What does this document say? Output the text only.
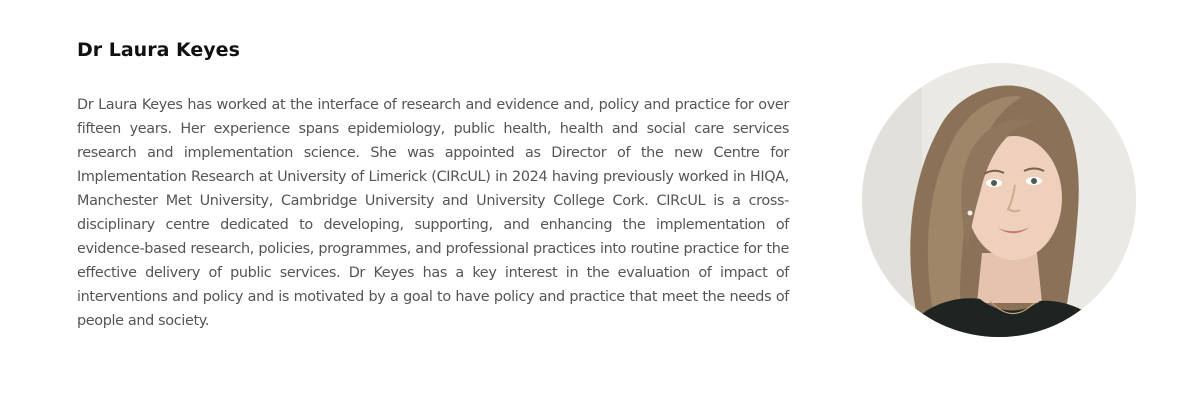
Dr Laura Keyes

Dr Laura Keyes has worked at the interface of research and evidence and, policy and practice for over fifteen years. Her experience spans epidemiology, public health, health and social care services research and implementation science. She was appointed as Director of the new Centre for Implementation Research at University of Limerick (CIRcUL) in 2024 having previously worked in HIQA, Manchester Met University, Cambridge University and University College Cork. CIRcUL is a cross-disciplinary centre dedicated to developing, supporting, and enhancing the implementation of evidence-based research, policies, programmes, and professional practices into routine practice for the effective delivery of public services. Dr Keyes has a key interest in the evaluation of impact of interventions and policy and is motivated by a goal to have policy and practice that meet the needs of people and society.
